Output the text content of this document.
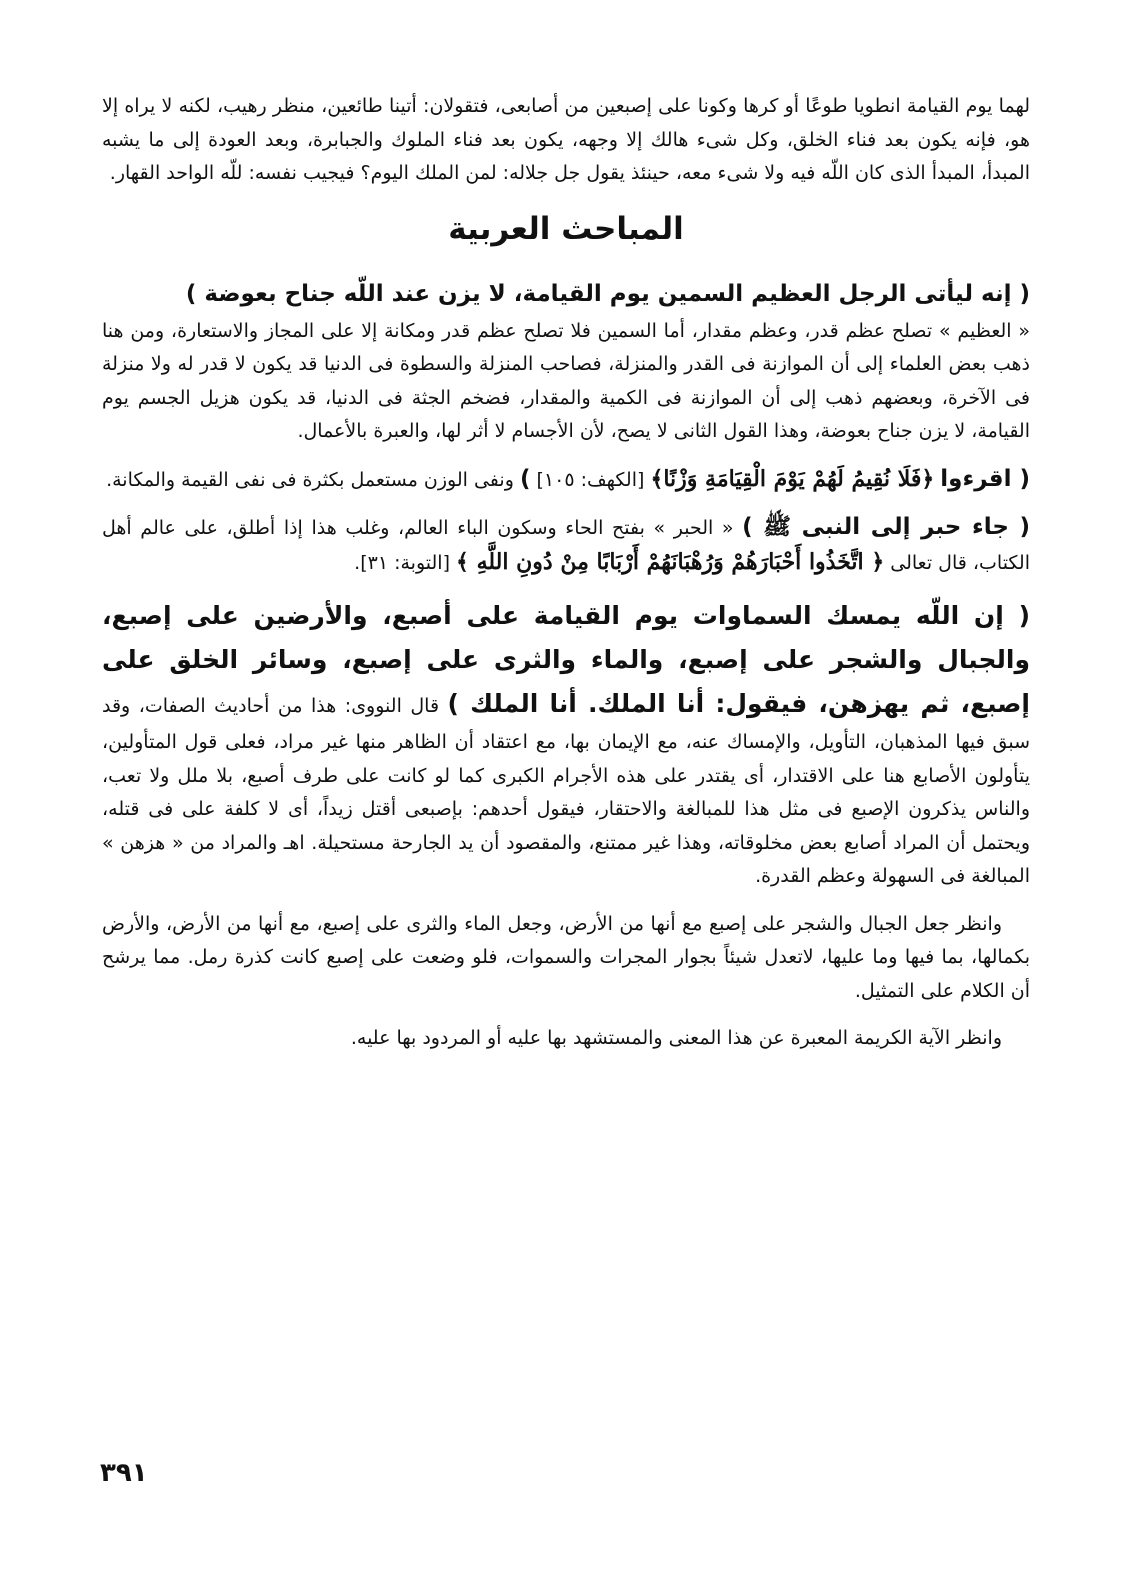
لهما يوم القيامة انطويا طوعًا أو كرها وكونا على إصبعين من أصابعى، فتقولان: أتينا طائعين، منظر رهيب، لكنه لا يراه إلا هو، فإنه يكون بعد فناء الخلق، وكل شىء هالك إلا وجهه، يكون بعد فناء الملوك والجبابرة، وبعد العودة إلى ما يشبه المبدأ، المبدأ الذى كان اللّه فيه ولا شىء معه، حينئذ يقول جل جلاله: لمن الملك اليوم؟ فيجيب نفسه: للّه الواحد القهار.

المباحث العربية

( إنه ليأتى الرجل العظيم السمين يوم القيامة، لا يزن عند اللّه جناح بعوضة )

« العظيم » تصلح عظم قدر، وعظم مقدار، أما السمين فلا تصلح عظم قدر ومكانة إلا على المجاز والاستعارة، ومن هنا ذهب بعض العلماء إلى أن الموازنة فى القدر والمنزلة، فصاحب المنزلة والسطوة فى الدنيا قد يكون لا قدر له ولا منزلة فى الآخرة، وبعضهم ذهب إلى أن الموازنة فى الكمية والمقدار، فضخم الجثة فى الدنيا، قد يكون هزيل الجسم يوم القيامة، لا يزن جناح بعوضة، وهذا القول الثانى لا يصح، لأن الأجسام لا أثر لها، والعبرة بالأعمال.

( اقرءوا ﴿فَلَا نُقِيمُ لَهُمْ يَوْمَ الْقِيَامَةِ وَزْنًا﴾ [الكهف: ١٠٥] ) ونفى الوزن مستعمل بكثرة فى نفى القيمة والمكانة.

( جاء حبر إلى النبى ﷺ ) « الحبر » بفتح الحاء وسكون الباء العالم، وغلب هذا إذا أطلق، على عالم أهل الكتاب، قال تعالى ﴿ اتَّخَذُوا أَحْبَارَهُمْ وَرُهْبَانَهُمْ أَرْبَابًا مِنْ دُونِ اللَّهِ ﴾ [التوبة: ٣١].

( إن اللّه يمسك السماوات يوم القيامة على أصبع، والأرضين على إصبع، والجبال والشجر على إصبع، والماء والثرى على إصبع، وسائر الخلق على إصبع، ثم يهزهن، فيقول: أنا الملك. أنا الملك ) قال النووى: هذا من أحاديث الصفات، وقد سبق فيها المذهبان، التأويل، والإمساك عنه، مع الإيمان بها، مع اعتقاد أن الظاهر منها غير مراد، فعلى قول المتأولين، يتأولون الأصابع هنا على الاقتدار، أى يقتدر على هذه الأجرام الكبرى كما لو كانت على طرف أصبع، بلا ملل ولا تعب، والناس يذكرون الإصبع فى مثل هذا للمبالغة والاحتقار، فيقول أحدهم: بإصبعى أقتل زيداً، أى لا كلفة على فى قتله، ويحتمل أن المراد أصابع بعض مخلوقاته، وهذا غير ممتنع، والمقصود أن يد الجارحة مستحيلة. اهـ والمراد من « هزهن » المبالغة فى السهولة وعظم القدرة.

وانظر جعل الجبال والشجر على إصبع مع أنها من الأرض، وجعل الماء والثرى على إصبع، مع أنها من الأرض، والأرض بكمالها، بما فيها وما عليها، لاتعدل شيئاً بجوار المجرات والسموات، فلو وضعت على إصبع كانت كذرة رمل. مما يرشح أن الكلام على التمثيل.

وانظر الآية الكريمة المعبرة عن هذا المعنى والمستشهد بها عليه أو المردود بها عليه.

٣٩١
